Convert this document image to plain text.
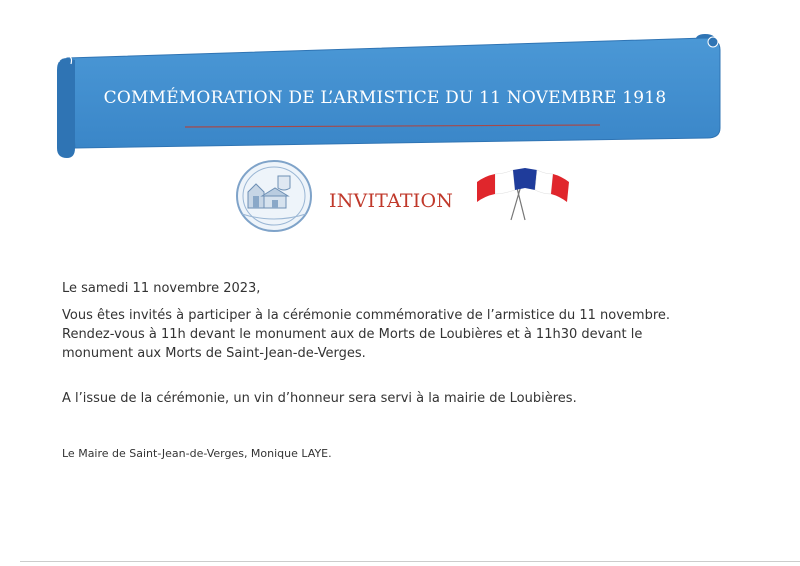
COMMÉMORATION DE L’ARMISTICE DU 11 NOVEMBRE 1918
INVITATION
Le samedi 11 novembre 2023,
Vous êtes invités à participer à la cérémonie commémorative de l’armistice du 11 novembre. Rendez-vous à 11h devant le monument aux de Morts de Loubières et à 11h30 devant le monument aux Morts de Saint-Jean-de-Verges.
A l’issue de la cérémonie, un vin d’honneur sera servi à la mairie de Loubières.
Le Maire de Saint-Jean-de-Verges, Monique LAYE.
